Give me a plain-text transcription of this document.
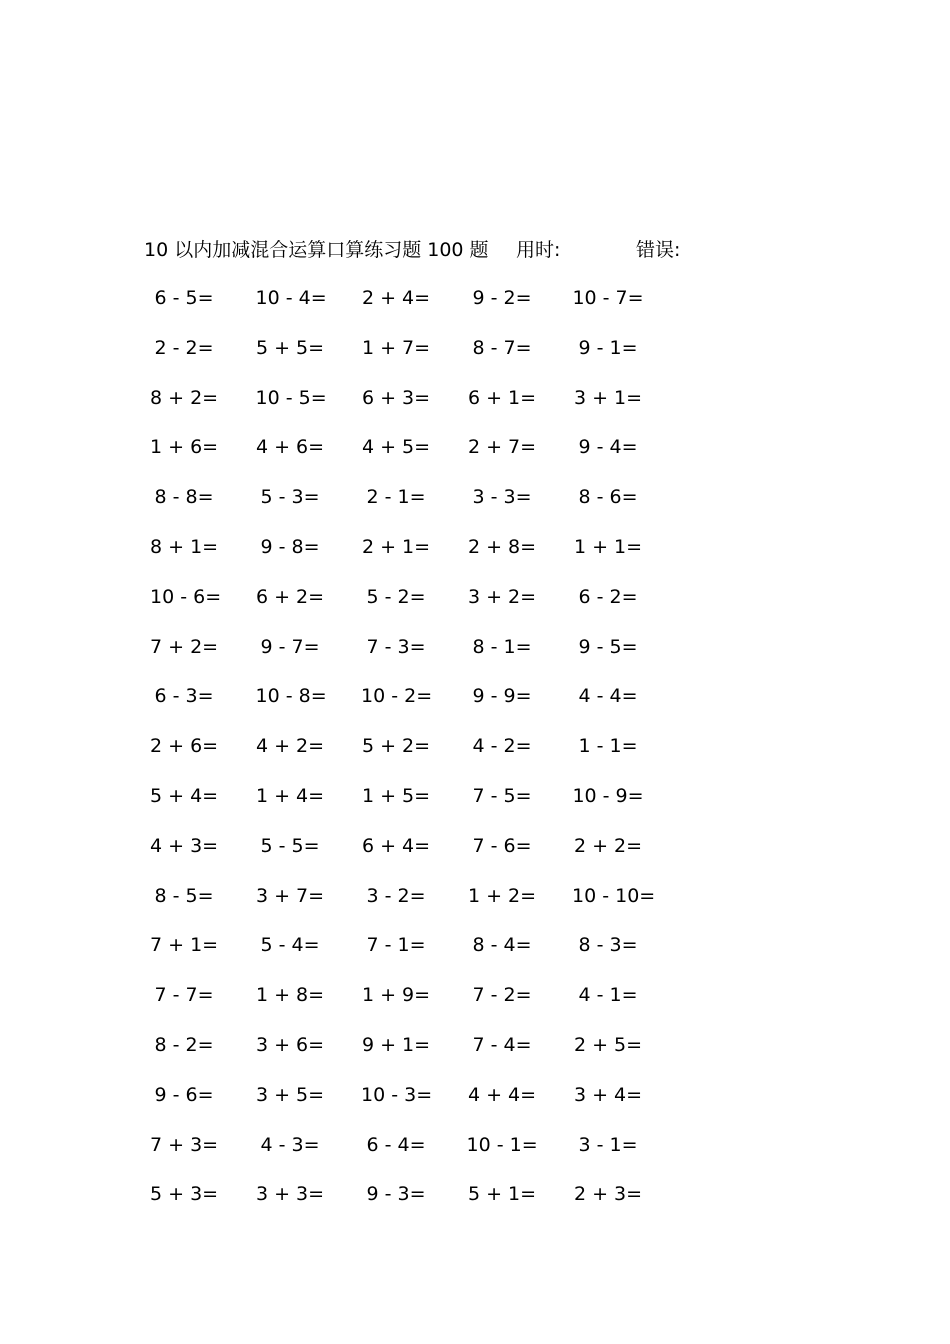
10 以内加减混合运算口算练习题 100 题 用时:	错误:
6 - 5=	10 - 4=	2 + 4=	9 - 2=	10 - 7=
2 - 2=	5 + 5=	1 + 7=	8 - 7=	9 - 1=
8 + 2=	10 - 5=	6 + 3=	6 + 1=	3 + 1=
1 + 6=	4 + 6=	4 + 5=	2 + 7=	9 - 4=
8 - 8=	5 - 3=	2 - 1=	3 - 3=	8 - 6=
8 + 1=	9 - 8=	2 + 1=	2 + 8=	1 + 1=
10 - 6=	6 + 2=	5 - 2=	3 + 2=	6 - 2=
7 + 2=	9 - 7=	7 - 3=	8 - 1=	9 - 5=
6 - 3=	10 - 8=	10 - 2=	9 - 9=	4 - 4=
2 + 6=	4 + 2=	5 + 2=	4 - 2=	1 - 1=
5 + 4=	1 + 4=	1 + 5=	7 - 5=	10 - 9=
4 + 3=	5 - 5=	6 + 4=	7 - 6=	2 + 2=
8 - 5=	3 + 7=	3 - 2=	1 + 2=	10 - 10=
7 + 1=	5 - 4=	7 - 1=	8 - 4=	8 - 3=
7 - 7=	1 + 8=	1 + 9=	7 - 2=	4 - 1=
8 - 2=	3 + 6=	9 + 1=	7 - 4=	2 + 5=
9 - 6=	3 + 5=	10 - 3=	4 + 4=	3 + 4=
7 + 3=	4 - 3=	6 - 4=	10 - 1=	3 - 1=
5 + 3=	3 + 3=	9 - 3=	5 + 1=	2 + 3=
